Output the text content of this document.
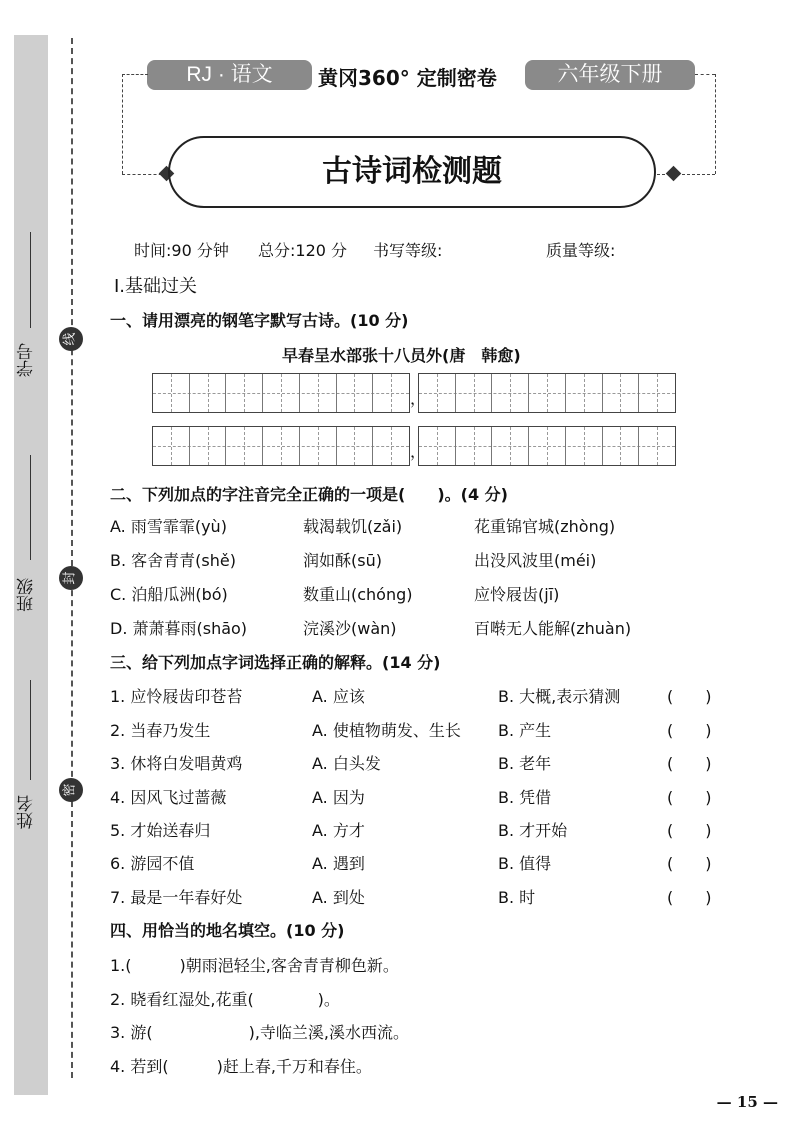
学号
班级
姓名
线
封
密
RJ · 语文	黄冈360° 定制密卷	六年级下册
古诗词检测题
时间:90 分钟 总分:120 分 书写等级:	质量等级:
Ⅰ.基础过关
一、请用漂亮的钢笔字默写古诗。(10 分)
早春呈水部张十八员外(唐　韩愈)
，
，
二、下列加点的字注音完全正确的一项是(　　)。(4 分)
A. 雨雪霏霏(yù)	载渴载饥(zǎi)	花重锦官城(zhòng)
B. 客舍青青(shě)	润如酥(sū)	出没风波里(méi)
C. 泊船瓜洲(bó)	数重山(chóng)	应怜屐齿(jī)
D. 萧萧暮雨(shāo)	浣溪沙(wàn)	百啭无人能解(zhuàn)
三、给下列加点字词选择正确的解释。(14 分)
1. 应怜屐齿印苍苔	A. 应该	B. 大概,表示猜测	(　　)
2. 当春乃发生	A. 使植物萌发、生长 B. 产生	(　　)
3. 休将白发唱黄鸡	A. 白头发	B. 老年	(　　)
4. 因风飞过蔷薇	A. 因为	B. 凭借	(　　)
5. 才始送春归	A. 方才	B. 才开始	(　　)
6. 游园不值	A. 遇到	B. 值得	(　　)
7. 最是一年春好处	A. 到处	B. 时	(　　)
四、用恰当的地名填空。(10 分)
1.(　　　)朝雨浥轻尘,客舍青青柳色新。
2. 晓看红湿处,花重(　　　　)。
3. 游(　　　　　　),寺临兰溪,溪水西流。
4. 若到(　　　)赶上春,千万和春住。
— 15 —
